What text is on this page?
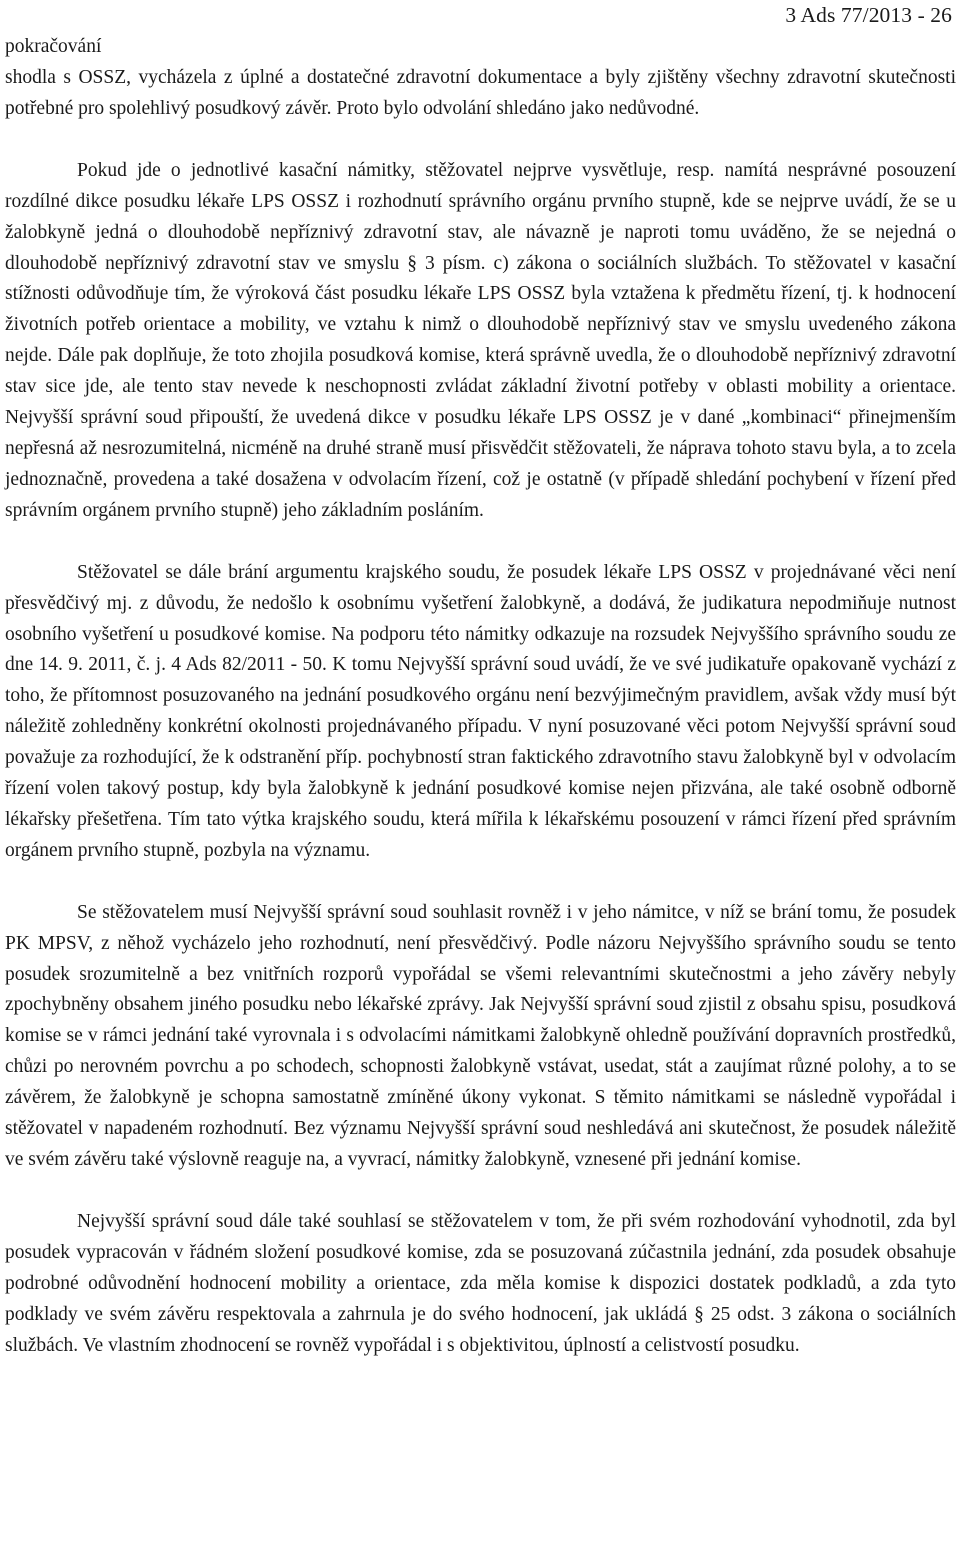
3 Ads 77/2013 - 26
pokračování

shodla s OSSZ, vycházela z úplné a dostatečné zdravotní dokumentace a byly zjištěny všechny zdravotní skutečnosti potřebné pro spolehlivý posudkový závěr. Proto bylo odvolání shledáno jako nedůvodné.

Pokud jde o jednotlivé kasační námitky, stěžovatel nejprve vysvětluje, resp. namítá nesprávné posouzení rozdílné dikce posudku lékaře LPS OSSZ i rozhodnutí správního orgánu prvního stupně, kde se nejprve uvádí, že se u žalobkyně jedná o dlouhodobě nepříznivý zdravotní stav, ale návazně je naproti tomu uváděno, že se nejedná o dlouhodobě nepříznivý zdravotní stav ve smyslu § 3 písm. c) zákona o sociálních službách. To stěžovatel v kasační stížnosti odůvodňuje tím, že výroková část posudku lékaře LPS OSSZ byla vztažena k předmětu řízení, tj. k hodnocení životních potřeb orientace a mobility, ve vztahu k nimž o dlouhodobě nepříznivý stav ve smyslu uvedeného zákona nejde. Dále pak doplňuje, že toto zhojila posudková komise, která správně uvedla, že o dlouhodobě nepříznivý zdravotní stav sice jde, ale tento stav nevede k neschopnosti zvládat základní životní potřeby v oblasti mobility a orientace. Nejvyšší správní soud připouští, že uvedená dikce v posudku lékaře LPS OSSZ je v dané „kombinaci“ přinejmenším nepřesná až nesrozumitelná, nicméně na druhé straně musí přisvědčit stěžovateli, že náprava tohoto stavu byla, a to zcela jednoznačně, provedena a také dosažena v odvolacím řízení, což je ostatně (v případě shledání pochybení v řízení před správním orgánem prvního stupně) jeho základním posláním.

Stěžovatel se dále brání argumentu krajského soudu, že posudek lékaře LPS OSSZ v projednávané věci není přesvědčivý mj. z důvodu, že nedošlo k osobnímu vyšetření žalobkyně, a dodává, že judikatura nepodmiňuje nutnost osobního vyšetření u posudkové komise. Na podporu této námitky odkazuje na rozsudek Nejvyššího správního soudu ze dne 14. 9. 2011, č. j. 4 Ads 82/2011 - 50. K tomu Nejvyšší správní soud uvádí, že ve své judikatuře opakovaně vychází z toho, že přítomnost posuzovaného na jednání posudkového orgánu není bezvýjimečným pravidlem, avšak vždy musí být náležitě zohledněny konkrétní okolnosti projednávaného případu. V nyní posuzované věci potom Nejvyšší správní soud považuje za rozhodující, že k odstranění příp. pochybností stran faktického zdravotního stavu žalobkyně byl v odvolacím řízení volen takový postup, kdy byla žalobkyně k jednání posudkové komise nejen přizvána, ale také osobně odborně lékařsky přešetřena. Tím tato výtka krajského soudu, která mířila k lékařskému posouzení v rámci řízení před správním orgánem prvního stupně, pozbyla na významu.

Se stěžovatelem musí Nejvyšší správní soud souhlasit rovněž i v jeho námitce, v níž se brání tomu, že posudek PK MPSV, z něhož vycházelo jeho rozhodnutí, není přesvědčivý. Podle názoru Nejvyššího správního soudu se tento posudek srozumitelně a bez vnitřních rozporů vypořádal se všemi relevantními skutečnostmi a jeho závěry nebyly zpochybněny obsahem jiného posudku nebo lékařské zprávy. Jak Nejvyšší správní soud zjistil z obsahu spisu, posudková komise se v rámci jednání také vyrovnala i s odvolacími námitkami žalobkyně ohledně používání dopravních prostředků, chůzi po nerovném povrchu a po schodech, schopnosti žalobkyně vstávat, usedat, stát a zaujímat různé polohy, a to se závěrem, že žalobkyně je schopna samostatně zmíněné úkony vykonat. S těmito námitkami se následně vypořádal i stěžovatel v napadeném rozhodnutí. Bez významu Nejvyšší správní soud neshledává ani skutečnost, že posudek náležitě ve svém závěru také výslovně reaguje na, a vyvrací, námitky žalobkyně, vznesené při jednání komise.

Nejvyšší správní soud dále také souhlasí se stěžovatelem v tom, že při svém rozhodování vyhodnotil, zda byl posudek vypracován v řádném složení posudkové komise, zda se posuzovaná zúčastnila jednání, zda posudek obsahuje podrobné odůvodnění hodnocení mobility a orientace, zda měla komise k dispozici dostatek podkladů, a zda tyto podklady ve svém závěru respektovala a zahrnula je do svého hodnocení, jak ukládá § 25 odst. 3 zákona o sociálních službách. Ve vlastním zhodnocení se rovněž vypořádal i s objektivitou, úplností a celistvostí posudku.
